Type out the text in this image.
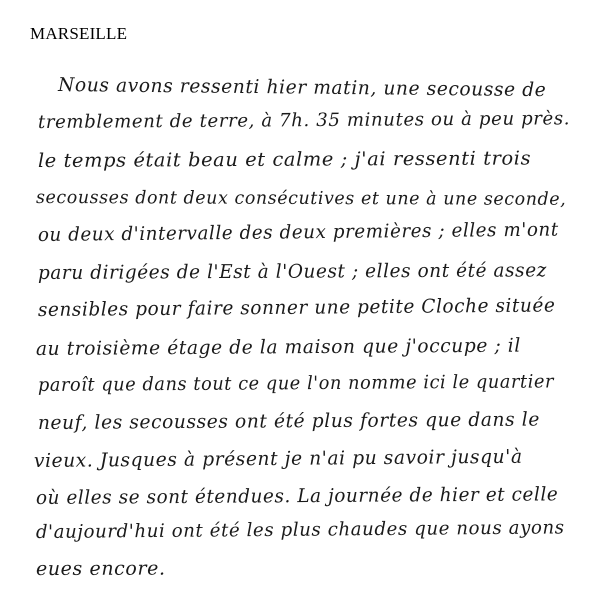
MARSEILLE
Nous avons ressenti hier matin, une secousse de
tremblement de terre, à 7h. 35 minutes ou à peu près.
le temps était beau et calme ; j'ai ressenti trois
secousses dont deux consécutives et une à une seconde,
ou deux d'intervalle des deux premières ; elles m'ont
paru dirigées de l'Est à l'Ouest ; elles ont été assez
sensibles pour faire sonner une petite Cloche située
au troisième étage de la maison que j'occupe ; il
paroît que dans tout ce que l'on nomme ici le quartier
neuf, les secousses ont été plus fortes que dans le
vieux. Jusques à présent je n'ai pu savoir jusqu'à
où elles se sont étendues. La journée de hier et celle
d'aujourd'hui ont été les plus chaudes que nous ayons
eues encore.
